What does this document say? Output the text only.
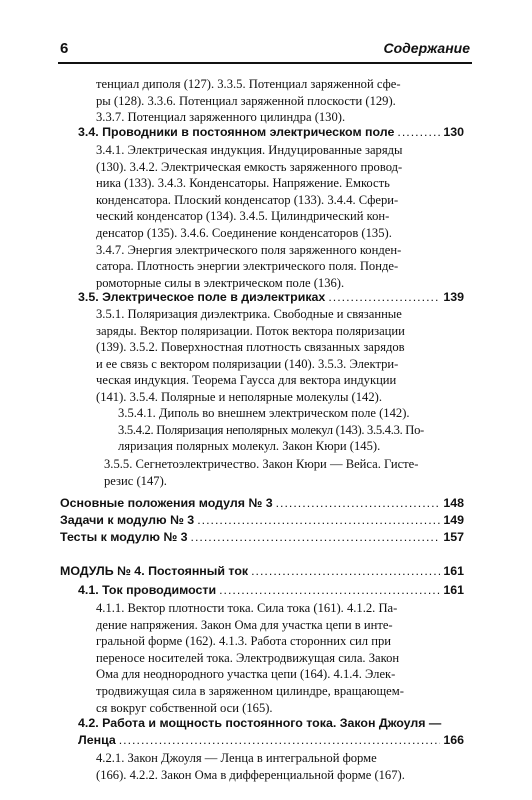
6	Содержание
тенциал диполя (127). 3.3.5. Потенциал заряженной сфе-
ры (128). 3.3.6. Потенциал заряженной плоскости (129).
3.3.7. Потенциал заряженного цилиндра (130).
3.4. Проводники в постоянном электрическом поле .....	130
3.4.1. Электрическая индукция. Индуцированные заряды
(130). 3.4.2. Электрическая емкость заряженного провод-
ника (133). 3.4.3. Конденсаторы. Напряжение. Емкость
конденсатора. Плоский конденсатор (133). 3.4.4. Сфери-
ческий конденсатор (134). 3.4.5. Цилиндрический кон-
денсатор (135). 3.4.6. Соединение конденсаторов (135).
3.4.7. Энергия электрического поля заряженного конден-
сатора. Плотность энергии электрического поля. Понде-
ромоторные силы в электрическом поле (136).
3.5. Электрическое поле в диэлектриках .....	139
3.5.1. Поляризация диэлектрика. Свободные и связанные
заряды. Вектор поляризации. Поток вектора поляризации
(139). 3.5.2. Поверхностная плотность связанных зарядов
и ее связь с вектором поляризации (140). 3.5.3. Электри-
ческая индукция. Теорема Гаусса для вектора индукции
(141). 3.5.4. Полярные и неполярные молекулы (142).
3.5.4.1. Диполь во внешнем электрическом поле (142).
3.5.4.2. Поляризация неполярных молекул (143). 3.5.4.3. По-
ляризация полярных молекул. Закон Кюри (145).
3.5.5. Сегнетоэлектричество. Закон Кюри — Вейса. Гисте-
резис (147).
Основные положения модуля № 3 .....	148
Задачи к модулю № 3 .....	149
Тесты к модулю № 3 .....	157
МОДУЛЬ № 4. Постоянный ток .....	161
4.1. Ток проводимости .....	161
4.1.1. Вектор плотности тока. Сила тока (161). 4.1.2. Па-
дение напряжения. Закон Ома для участка цепи в инте-
гральной форме (162). 4.1.3. Работа сторонних сил при
переносе носителей тока. Электродвижущая сила. Закон
Ома для неоднородного участка цепи (164). 4.1.4. Элек-
тродвижущая сила в заряженном цилиндре, вращающем-
ся вокруг собственной оси (165).
4.2. Работа и мощность постоянного тока. Закон Джоуля —
Ленца .....	166
4.2.1. Закон Джоуля — Ленца в интегральной форме
(166). 4.2.2. Закон Ома в дифференциальной форме (167).
